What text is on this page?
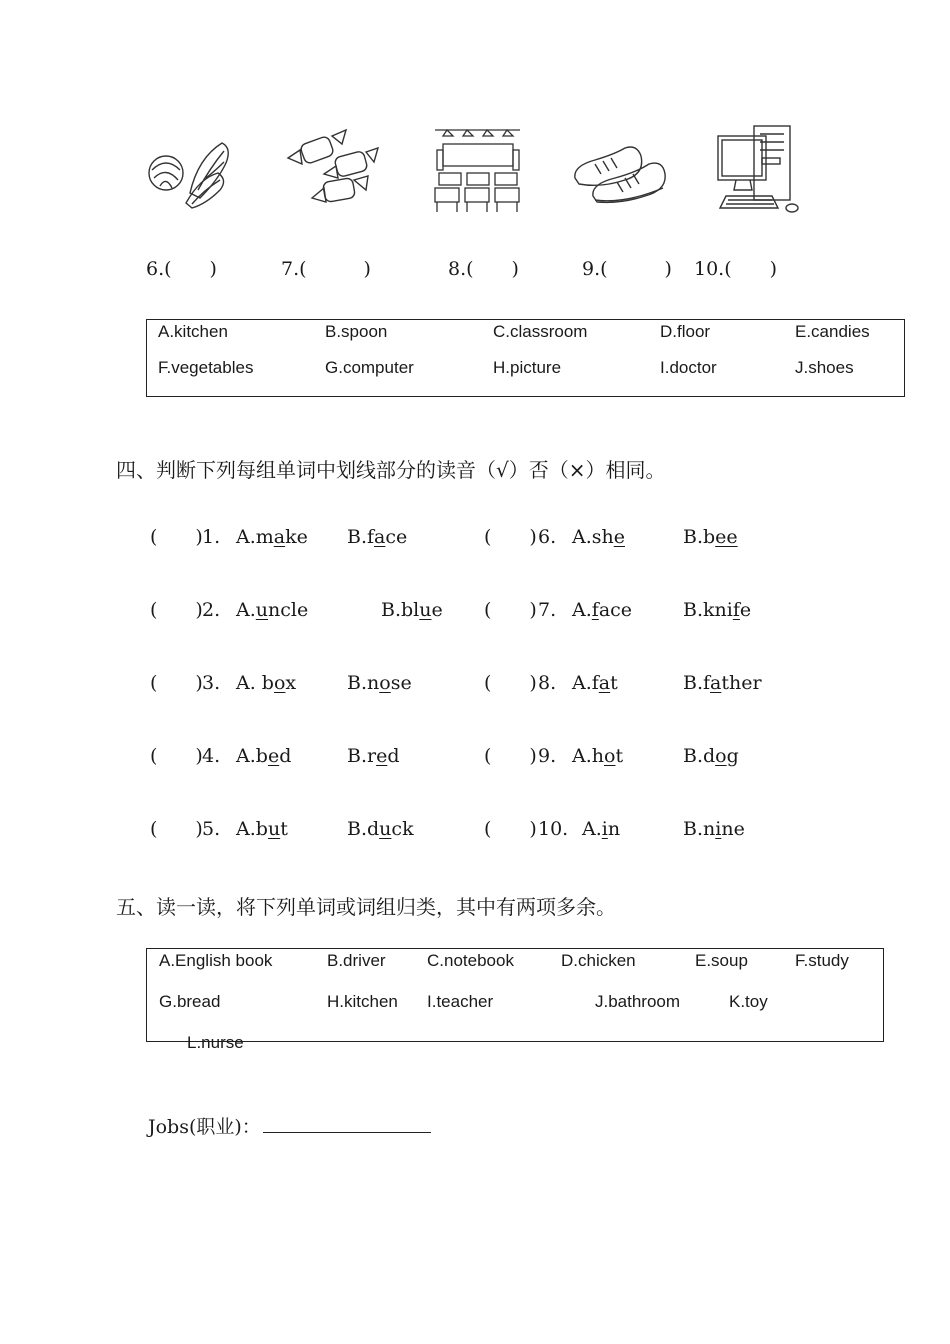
6.(  )	7.(   )	8.(  )	9.(   ) 10.(  )
A.kitchen	B.spoon	C.classroom	D.floor	E.candies
F.vegetables	G.computer	H.picture	I.doctor	J.shoes
四、判断下列每组单词中划线部分的读音（√）否（×）相同。
(  ) 1. A.make B.face	(  ) 6. A.she	B.bee
(  ) 2. A.uncle	B.blue (  ) 7. A.face	B.knife
(  ) 3. A. box	B.nose	(  ) 8. A.fat	B.father
(  ) 4. A.bed	B.red	(  ) 9. A.hot	B.dog
(  ) 5. A.but	B.duck	(  ) 10. A.in	B.nine
五、读一读，将下列单词或词组归类，其中有两项多余。
A.English book	B.driver C.notebook	D.chicken	E.soup	F.study
G.bread	H.kitchen I.teacher	J.bathroom	K.toy
L.nurse
Jobs(职业)：
